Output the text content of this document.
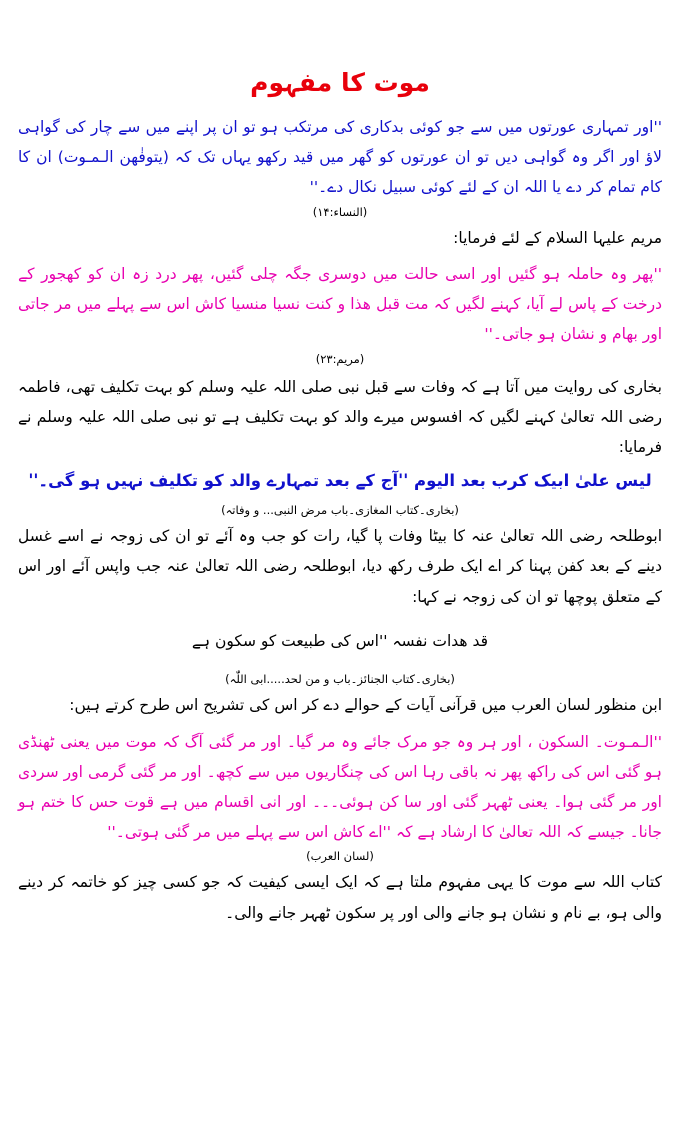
موت کا مفہوم

''اور تمہاری عورتوں میں سے جو کوئی بدکاری کی مرتکب ہو تو ان پر اپنے میں سے چار کی گواہی لاؤ اور اگر وہ گواہی دیں تو ان عورتوں کو گھر میں قید رکھو یہاں تک کہ (یتوفٰھن الـمـوت) ان کا کام تمام کر دے یا اللہ ان کے لئے کوئی سبیل نکال دے۔''

(النساء:۱۴)

مریم علیہا السلام کے لئے فرمایا:

''پھر وہ حاملہ ہو گئیں اور اسی حالت میں دوسری جگہ چلی گئیں، پھر درد زہ ان کو کھجور کے درخت کے پاس لے آیا، کہنے لگیں کہ مت قبل ھذا و کنت نسیا منسیا کاش اس سے پہلے میں مر جاتی اور بھام و نشان ہو جاتی۔''

(مریم:۲۳)

بخاری کی روایت میں آتا ہے کہ وفات سے قبل نبی صلی اللہ علیہ وسلم کو بہت تکلیف تھی، فاطمہ رضی اللہ تعالیٰ کہنے لگیں کہ افسوس میرے والد کو بہت تکلیف ہے تو نبی صلی اللہ علیہ وسلم نے فرمایا:

لیس علیٰ ابیک کرب بعد الیوم ''آج کے بعد تمہارے والد کو تکلیف نہیں ہو گی۔''

(بخاری۔کتاب المغازی۔باب مرض النبی... و وفاتہ)

ابوطلحہ رضی اللہ تعالیٰ عنہ کا بیٹا وفات پا گیا، رات کو جب وہ آئے تو ان کی زوجہ نے اسے غسل دینے کے بعد کفن پہنا کر اے ایک طرف رکھ دیا، ابوطلحہ رضی اللہ تعالیٰ عنہ جب واپس آئے اور اس کے متعلق پوچھا تو ان کی زوجہ نے کہا:

قد ھدات نفسہ ''اس کی طبیعت کو سکون ہے

(بخاری۔کتاب الجنائز۔باب و من لحد.....ابی اللّٰہ)

ابن منظور لسان العرب میں قرآنی آیات کے حوالے دے کر اس کی تشریح اس طرح کرتے ہیں:

''الـمـوت۔ السکون ، اور ہر وہ جو مرک جائے وہ مر گیا۔ اور مر گئی آگ کہ موت میں یعنی ٹھنڈی ہو گئی اس کی راکھ پھر نہ باقی رہا اس کی چنگاریوں میں سے کچھ۔ اور مر گئی گرمی اور سردی اور مر گئی ہوا۔ یعنی ٹھہر گئی اور سا کن ہوئی۔۔۔ اور انی اقسام میں ہے قوت حس کا ختم ہو جانا۔ جیسے کہ اللہ تعالیٰ کا ارشاد ہے کہ ''اے کاش اس سے پہلے میں مر گئی ہوتی۔''

(لسان العرب)

کتاب اللہ سے موت کا یہی مفہوم ملتا ہے کہ ایک ایسی کیفیت کہ جو کسی چیز کو خاتمہ کر دینے والی ہو، بے نام و نشان ہو جانے والی اور پر سکون ٹھہر جانے والی۔
